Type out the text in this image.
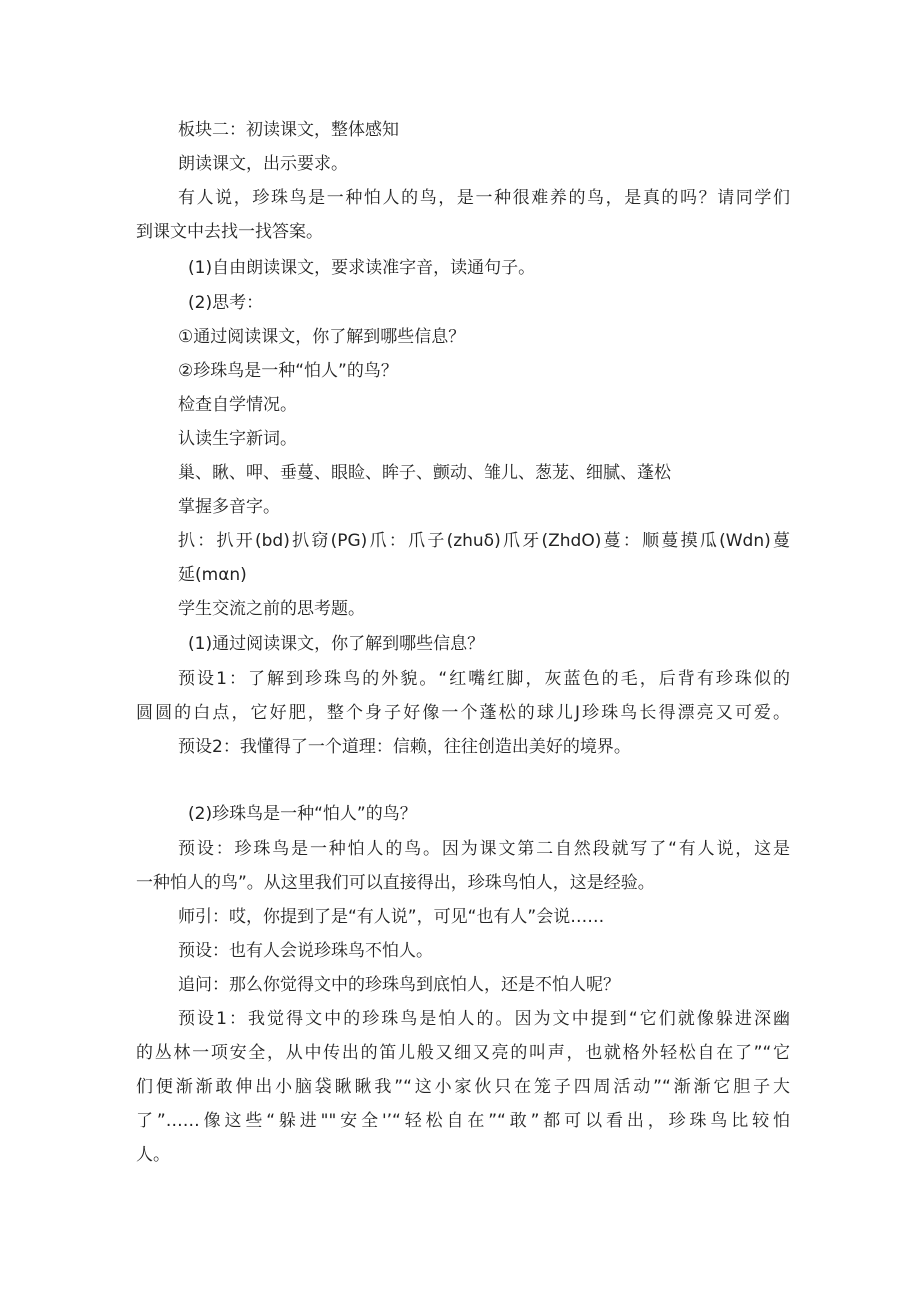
板块二：初读课文，整体感知
朗读课文，出示要求。
有人说，珍珠鸟是一种怕人的鸟，是一种很难养的鸟，是真的吗？请同学们
到课文中去找一找答案。
(1)自由朗读课文，要求读准字音，读通句子。
(2)思考：
①通过阅读课文，你了解到哪些信息？
②珍珠鸟是一种“怕人”的鸟？
检查自学情况。
认读生字新词。
巢、瞅、呷、垂蔓、眼睑、眸子、颤动、雏儿、葱茏、细腻、蓬松
掌握多音字。
扒：扒开(bd)扒窃(PG)爪：爪子(zhuδ)爪牙(ZhdO)蔓：顺蔓摸瓜(Wdn)蔓
延(mαn)
学生交流之前的思考题。
(1)通过阅读课文，你了解到哪些信息？
预设1：了解到珍珠鸟的外貌。“红嘴红脚，灰蓝色的毛，后背有珍珠似的
圆圆的白点，它好肥，整个身子好像一个蓬松的球儿J珍珠鸟长得漂亮又可爱。
预设2：我懂得了一个道理：信赖，往往创造出美好的境界。
(2)珍珠鸟是一种“怕人”的鸟？
预设：珍珠鸟是一种怕人的鸟。因为课文第二自然段就写了“有人说，这是
一种怕人的鸟”。从这里我们可以直接得出，珍珠鸟怕人，这是经验。
师引：哎，你提到了是“有人说”，可见“也有人”会说……
预设：也有人会说珍珠鸟不怕人。
追问：那么你觉得文中的珍珠鸟到底怕人，还是不怕人呢？
预设1：我觉得文中的珍珠鸟是怕人的。因为文中提到“它们就像躲进深幽
的丛林一项安全，从中传出的笛儿般又细又亮的叫声，也就格外轻松自在了”“它
们便渐渐敢伸出小脑袋瞅瞅我”“这小家伙只在笼子四周活动”“渐渐它胆子大
了”……像这些“躲进""安全'’“轻松自在”“敢”都可以看出，珍珠鸟比较怕
人。
